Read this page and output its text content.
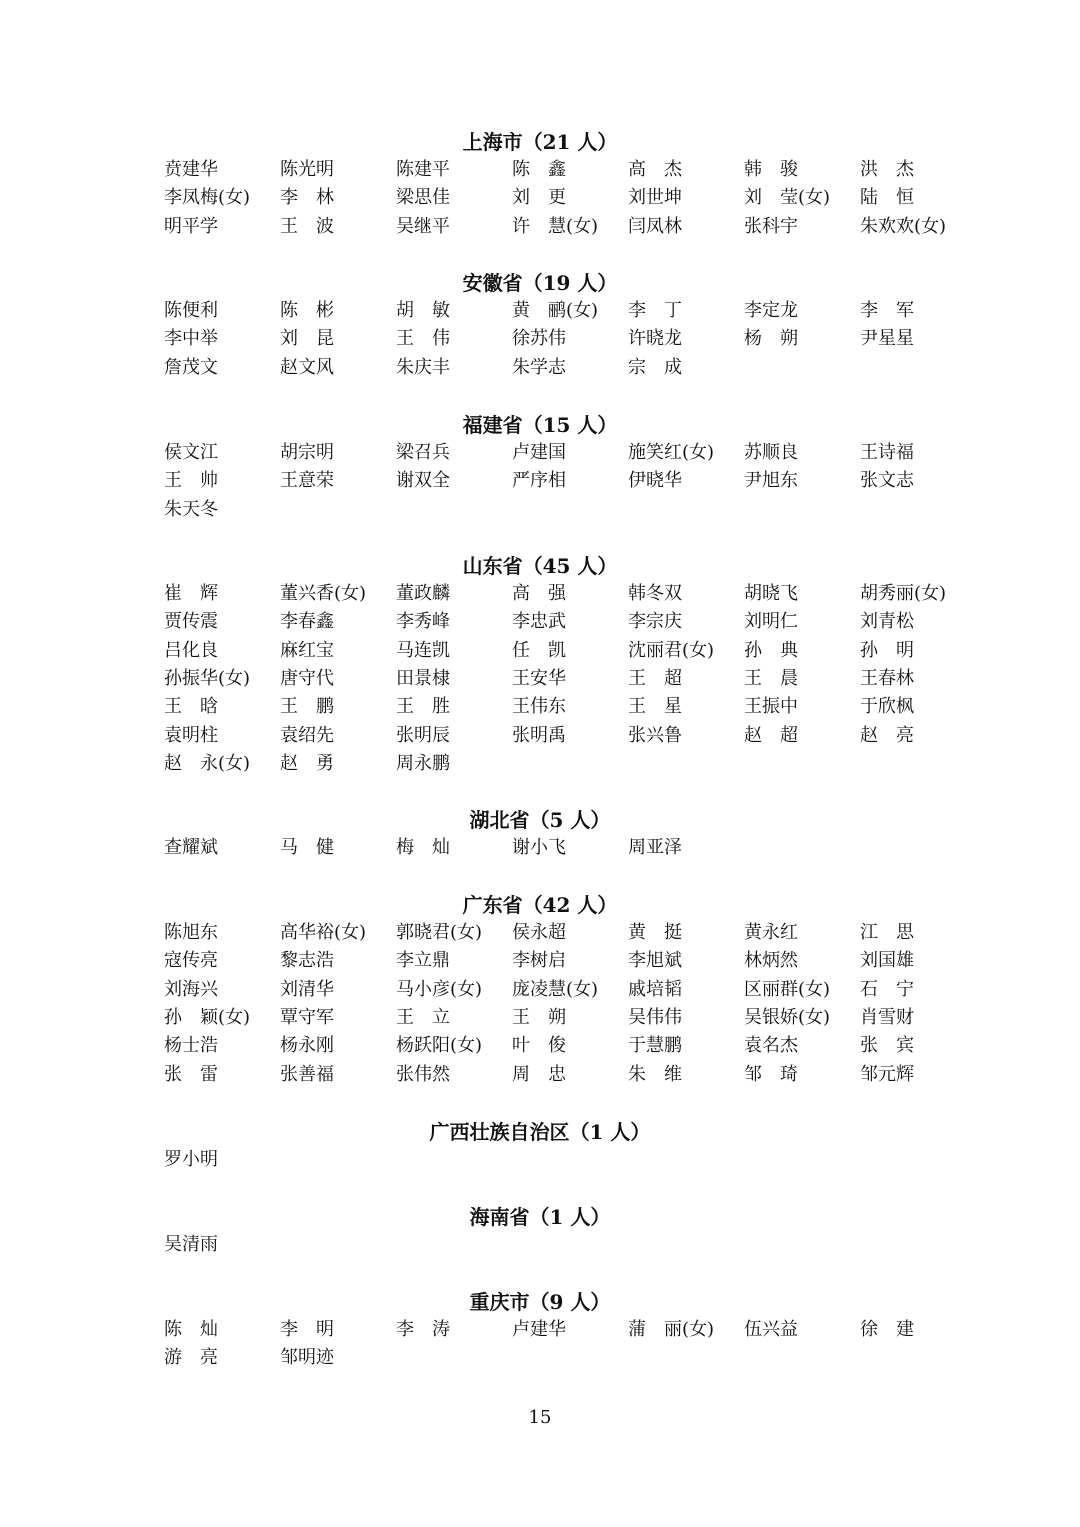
上海市（21 人）
贲建华	陈光明	陈建平	陈　鑫	高　杰	韩　骏	洪　杰
李凤梅(女) 李　林	梁思佳	刘　更	刘世坤	刘　莹(女) 陆　恒
明平学	王　波	吴继平	许　慧(女) 闫凤林	张科宇	朱欢欢(女)
安徽省（19 人）
陈便利	陈　彬	胡　敏	黄　鹂(女) 李　丁	李定龙	李　军
李中举	刘　昆	王　伟	徐苏伟	许晓龙	杨　朔	尹星星
詹茂文	赵文风	朱庆丰	朱学志	宗　成
福建省（15 人）
侯文江	胡宗明	梁召兵	卢建国	施笑红(女) 苏顺良	王诗福
王　帅	王意荣	谢双全	严序相	伊晓华	尹旭东	张文志
朱天冬
山东省（45 人）
崔　辉	董兴香(女) 董政麟	高　强	韩冬双	胡晓飞	胡秀丽(女)
贾传震	李春鑫	李秀峰	李忠武	李宗庆	刘明仁	刘青松
吕化良	麻红宝	马连凯	任　凯	沈丽君(女) 孙　典	孙　明
孙振华(女) 唐守代	田景棣	王安华	王　超	王　晨	王春林
王　晗	王　鹏	王　胜	王伟东	王　星	王振中	于欣枫
袁明柱	袁绍先	张明辰	张明禹	张兴鲁	赵　超	赵　亮
赵　永(女) 赵　勇	周永鹏
湖北省（5 人）
查耀斌	马　健	梅　灿	谢小飞	周亚泽
广东省（42 人）
陈旭东	高华裕(女) 郭晓君(女) 侯永超	黄　挺	黄永红	江　思
寇传亮	黎志浩	李立鼎	李树启	李旭斌	林炳然	刘国雄
刘海兴	刘清华	马小彦(女) 庞凌慧(女) 戚培韬	区丽群(女) 石　宁
孙　颖(女) 覃守军	王　立	王　朔	吴伟伟	吴银娇(女) 肖雪财
杨士浩	杨永刚	杨跃阳(女) 叶　俊	于慧鹏	袁名杰	张　宾
张　雷	张善福	张伟然	周　忠	朱　维	邹　琦	邹元辉
广西壮族自治区（1 人）
罗小明
海南省（1 人）
吴清雨
重庆市（9 人）
陈　灿	李　明	李　涛	卢建华	蒲　丽(女) 伍兴益	徐　建
游　亮	邹明迹
15
